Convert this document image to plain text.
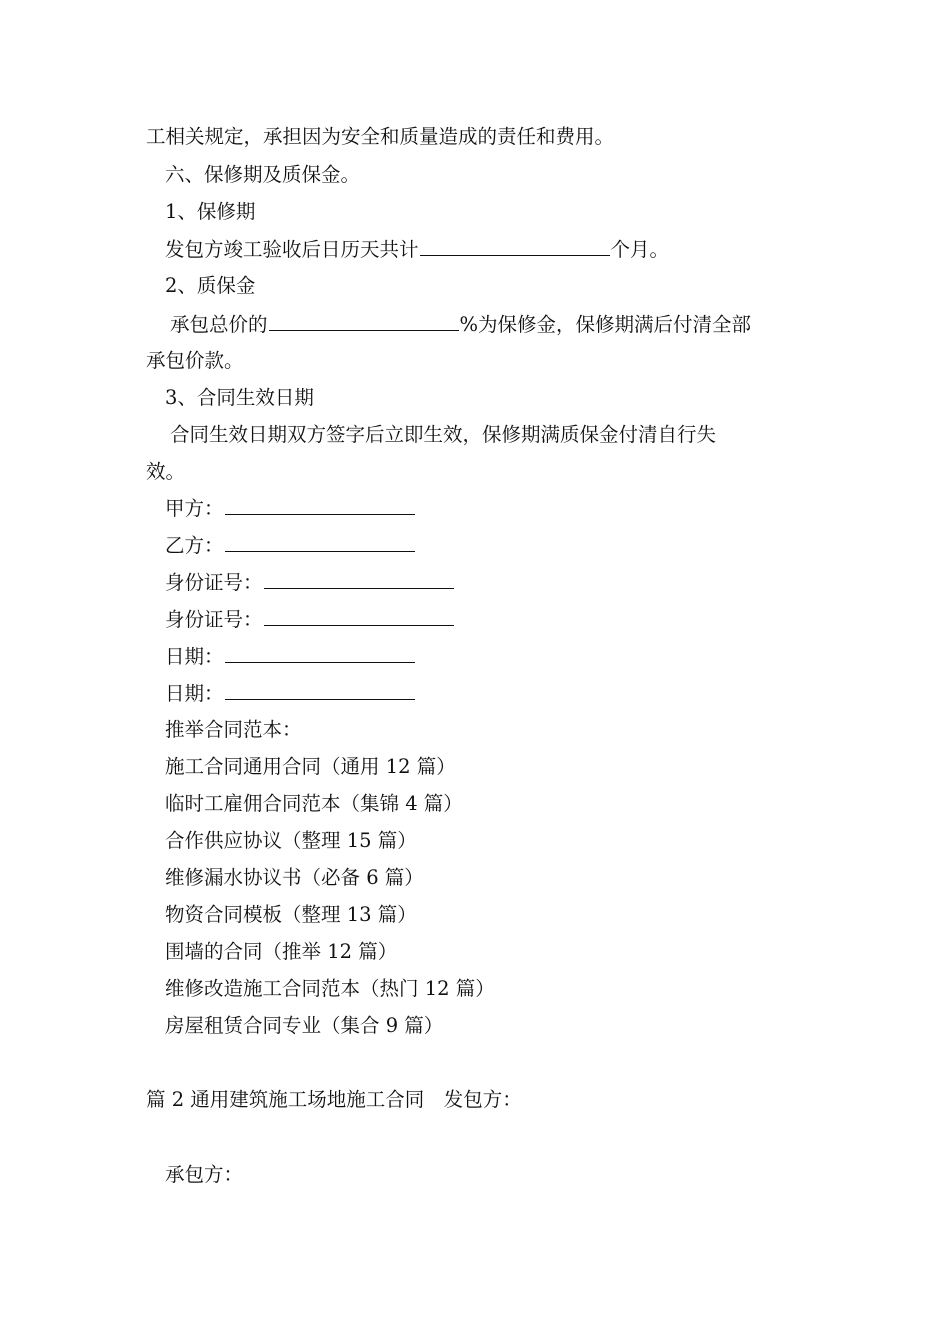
工相关规定，承担因为安全和质量造成的责任和费用。
六、保修期及质保金。
1、保修期
发包方竣工验收后日历天共计	个月。
2、质保金
承包总价的	%为保修金，保修期满后付清全部
承包价款。
3、合同生效日期
合同生效日期双方签字后立即生效，保修期满质保金付清自行失
效。
甲方：
乙方：
身份证号：
身份证号：
日期：
日期：
推举合同范本：
施工合同通用合同（通用 12 篇）
临时工雇佣合同范本（集锦 4 篇）
合作供应协议（整理 15 篇）
维修漏水协议书（必备 6 篇）
物资合同模板（整理 13 篇）
围墙的合同（推举 12 篇）
维修改造施工合同范本（热门 12 篇）
房屋租赁合同专业（集合 9 篇）
篇 2 通用建筑施工场地施工合同　发包方：
承包方：
